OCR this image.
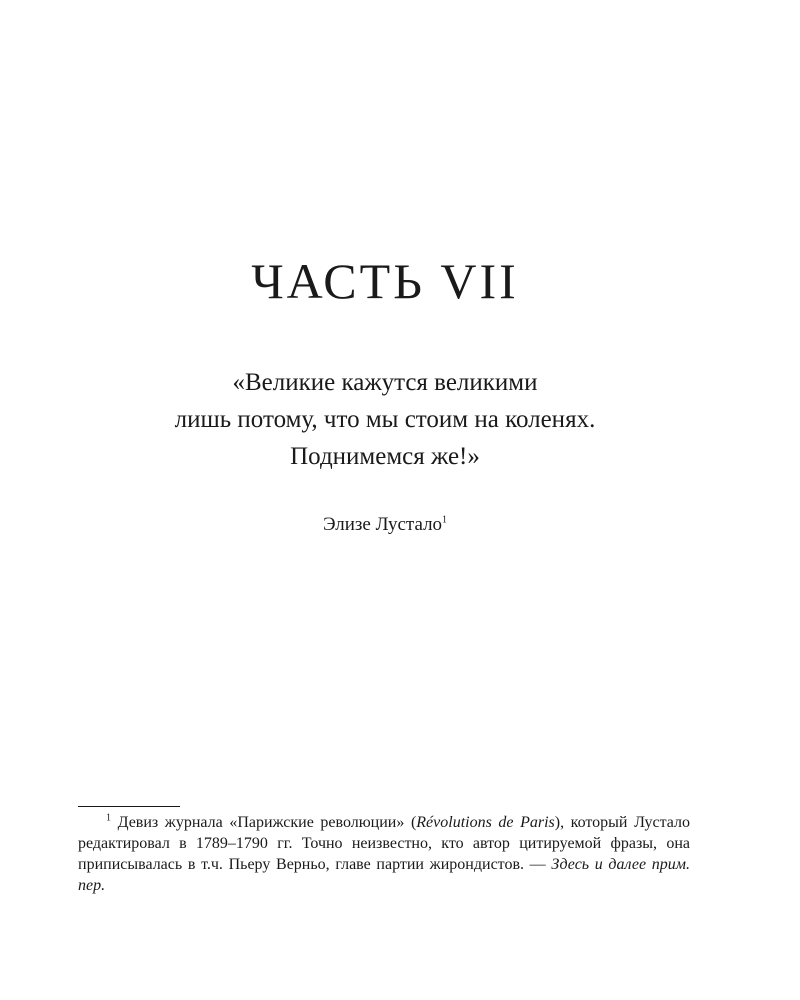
ЧАСТЬ VII

«Великие кажутся великими
лишь потому, что мы стоим на коленях.
Поднимемся же!»

Элизе Лустало$^1$

$^1$ Девиз журнала «Парижские революции» (Révolutions de Paris), который Лустало редактировал в 1789–1790 гг. Точно неизвестно, кто автор цитируемой фразы, она приписывалась в т.ч. Пьеру Верньо, главе партии жирондистов. — Здесь и далее прим. пер.
